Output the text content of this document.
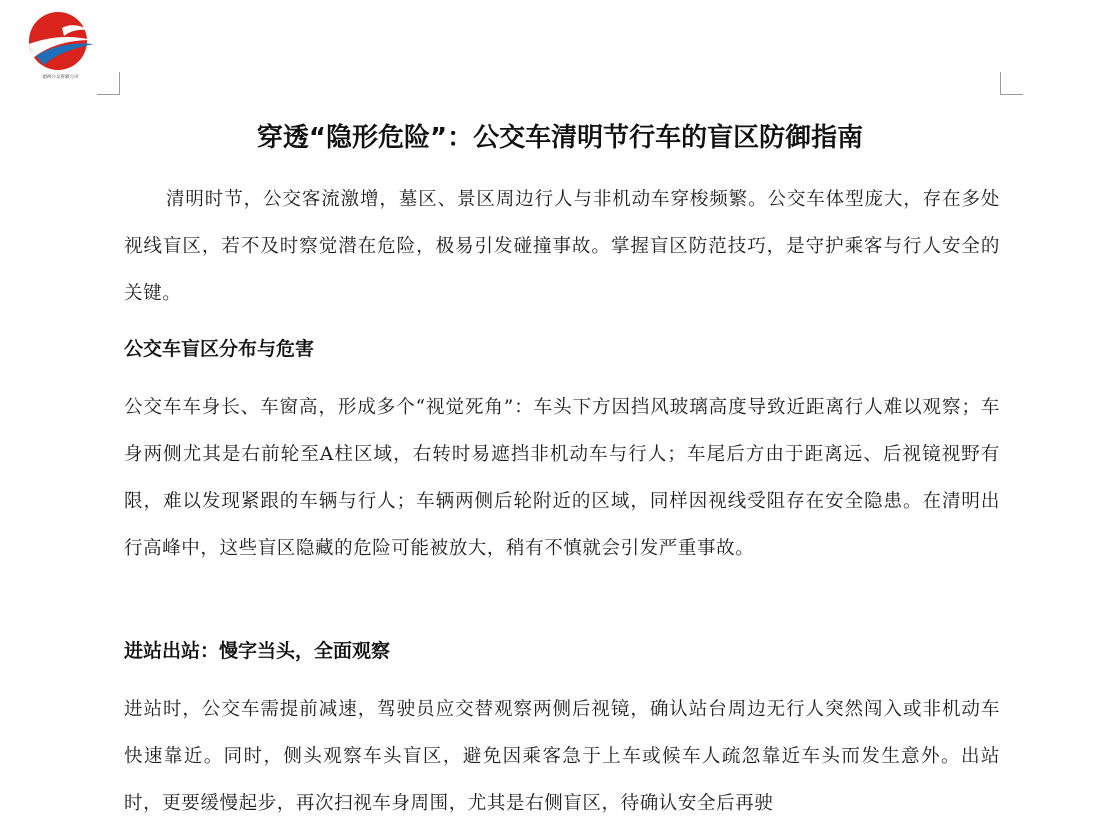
旭西公交有限公司
穿透“隐形危险”：公交车清明节行车的盲区防御指南

清明时节，公交客流激增，墓区、景区周边行人与非机动车穿梭频繁。公交车体型庞大，存在多处视线盲区，若不及时察觉潜在危险，极易引发碰撞事故。掌握盲区防范技巧，是守护乘客与行人安全的关键。

公交车盲区分布与危害

公交车车身长、车窗高，形成多个“视觉死角”：车头下方因挡风玻璃高度导致近距离行人难以观察；车身两侧尤其是右前轮至A柱区域，右转时易遮挡非机动车与行人；车尾后方由于距离远、后视镜视野有限，难以发现紧跟的车辆与行人；车辆两侧后轮附近的区域，同样因视线受阻存在安全隐患。在清明出行高峰中，这些盲区隐藏的危险可能被放大，稍有不慎就会引发严重事故。

进站出站：慢字当头，全面观察

进站时，公交车需提前减速，驾驶员应交替观察两侧后视镜，确认站台周边无行人突然闯入或非机动车快速靠近。同时，侧头观察车头盲区，避免因乘客急于上车或候车人疏忽靠近车头而发生意外。出站时，更要缓慢起步，再次扫视车身周围，尤其是右侧盲区，待确认安全后再驶
